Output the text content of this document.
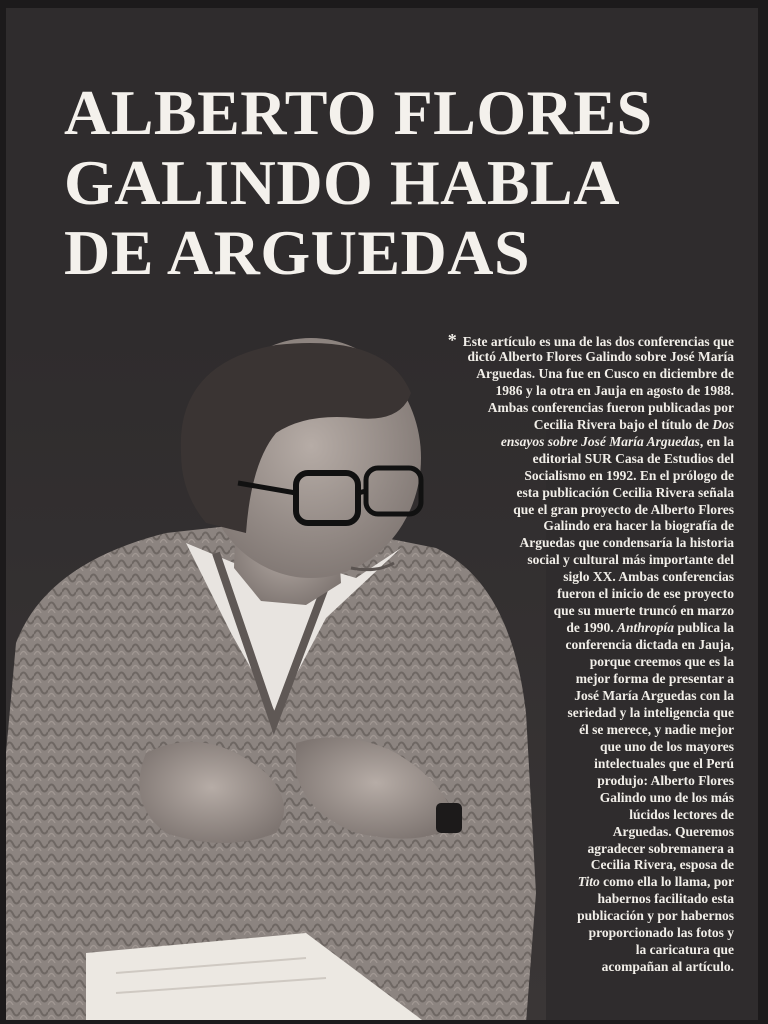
ALBERTO FLORES
GALINDO HABLA
DE ARGUEDAS
* Este artículo es una de las dos conferencias que
dictó Alberto Flores Galindo sobre José María
Arguedas. Una fue en Cusco en diciembre de
1986 y la otra en Jauja en agosto de 1988.
Ambas conferencias fueron publicadas por
Cecilia Rivera bajo el título de Dos
ensayos sobre José María Arguedas, en la
editorial SUR Casa de Estudios del
Socialismo en 1992. En el prólogo de
esta publicación Cecilia Rivera señala
que el gran proyecto de Alberto Flores
Galindo era hacer la biografía de
Arguedas que condensaría la historia
social y cultural más importante del
siglo XX. Ambas conferencias
fueron el inicio de ese proyecto
que su muerte truncó en marzo
de 1990. Anthropía publica la
conferencia dictada en Jauja,
porque creemos que es la
mejor forma de presentar a
José María Arguedas con la
seriedad y la inteligencia que
él se merece, y nadie mejor
que uno de los mayores
intelectuales que el Perú
produjo: Alberto Flores
Galindo uno de los más
lúcidos lectores de
Arguedas. Queremos
agradecer sobremanera a
Cecilia Rivera, esposa de
Tito como ella lo llama, por
habernos facilitado esta
publicación y por habernos
proporcionado las fotos y
la caricatura que
acompañan al artículo.
